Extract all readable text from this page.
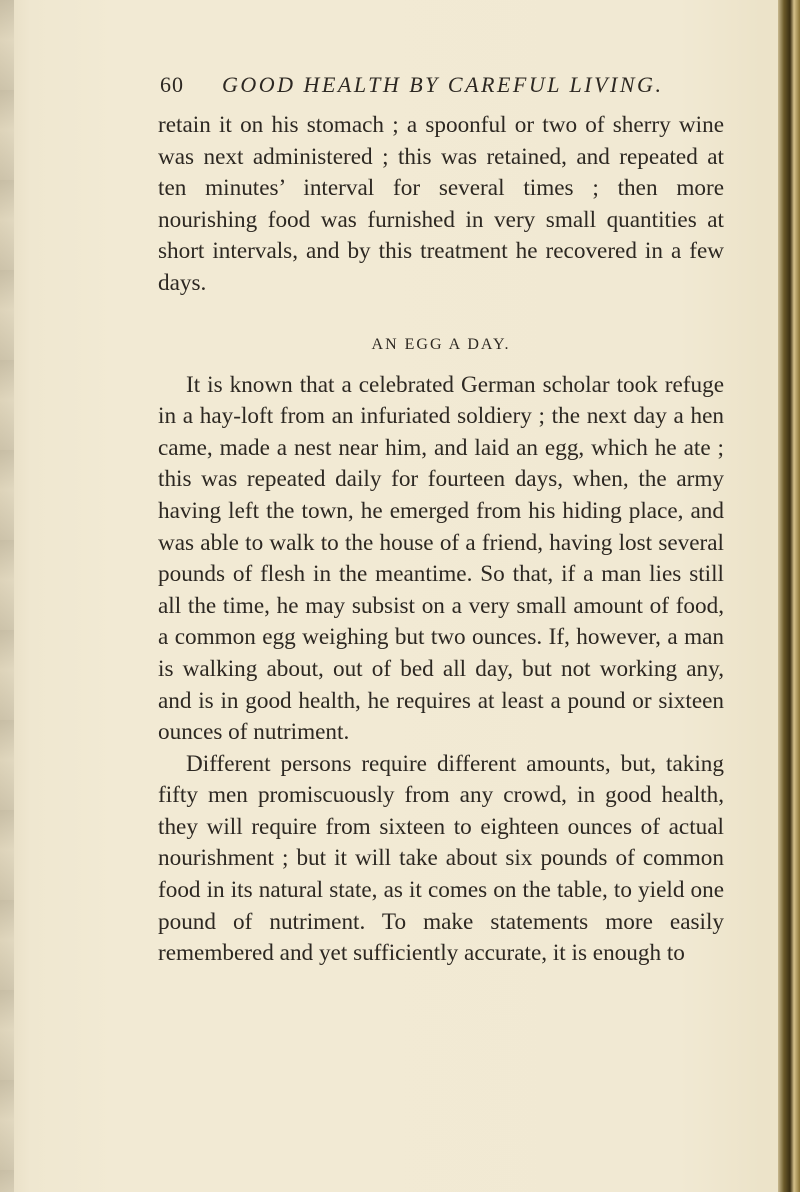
60 GOOD HEALTH BY CAREFUL LIVING.

retain it on his stomach ; a spoonful or two of sherry wine was next administered ; this was retained, and repeated at ten minutes’ interval for several times ; then more nourishing food was furnished in very small quantities at short intervals, and by this treatment he recovered in a few days.

AN EGG A DAY.

It is known that a celebrated German scholar took refuge in a hay-loft from an infuriated soldiery ; the next day a hen came, made a nest near him, and laid an egg, which he ate ; this was repeated daily for fourteen days, when, the army having left the town, he emerged from his hiding place, and was able to walk to the house of a friend, having lost several pounds of flesh in the meantime. So that, if a man lies still all the time, he may subsist on a very small amount of food, a common egg weighing but two ounces. If, however, a man is walking about, out of bed all day, but not working any, and is in good health, he requires at least a pound or sixteen ounces of nutriment.

Different persons require different amounts, but, taking fifty men promiscuously from any crowd, in good health, they will require from sixteen to eighteen ounces of actual nourishment ; but it will take about six pounds of common food in its natural state, as it comes on the table, to yield one pound of nutriment. To make statements more easily remembered and yet sufficiently accurate, it is enough to
